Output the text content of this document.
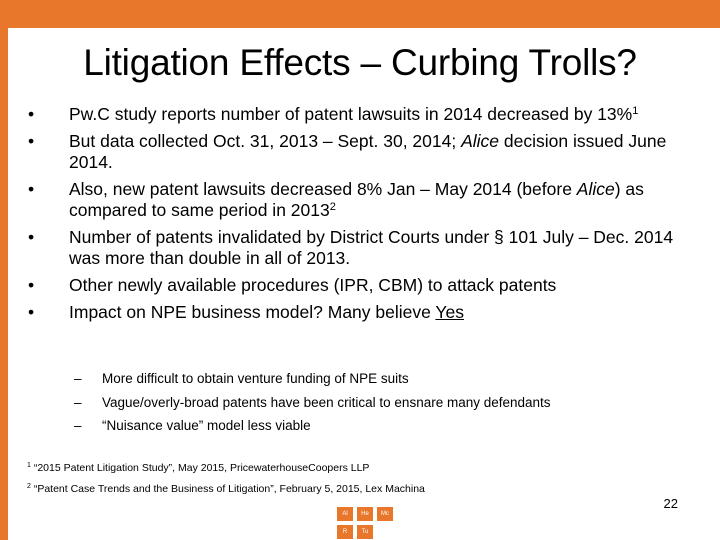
Litigation Effects – Curbing Trolls?
• Pw.C study reports number of patent lawsuits in 2014 decreased by 13%$^1$
• But data collected Oct. 31, 2013 – Sept. 30, 2014; Alice decision issued June 2014.
• Also, new patent lawsuits decreased 8% Jan – May 2014 (before Alice) as compared to same period in 2013$^2$
• Number of patents invalidated by District Courts under § 101 July – Dec. 2014 was more than double in all of 2013.
• Other newly available procedures (IPR, CBM) to attack patents
• Impact on NPE business model? Many believe Yes
– More difficult to obtain venture funding of NPE suits
– Vague/overly-broad patents have been critical to ensnare many defendants
– “Nuisance value” model less viable
$^1$ “2015 Patent Litigation Study”, May 2015, PricewaterhouseCoopers LLP
$^2$ “Patent Case Trends and the Business of Litigation”, February 5, 2015, Lex Machina
22
Al	He	Mc
R	Tu
